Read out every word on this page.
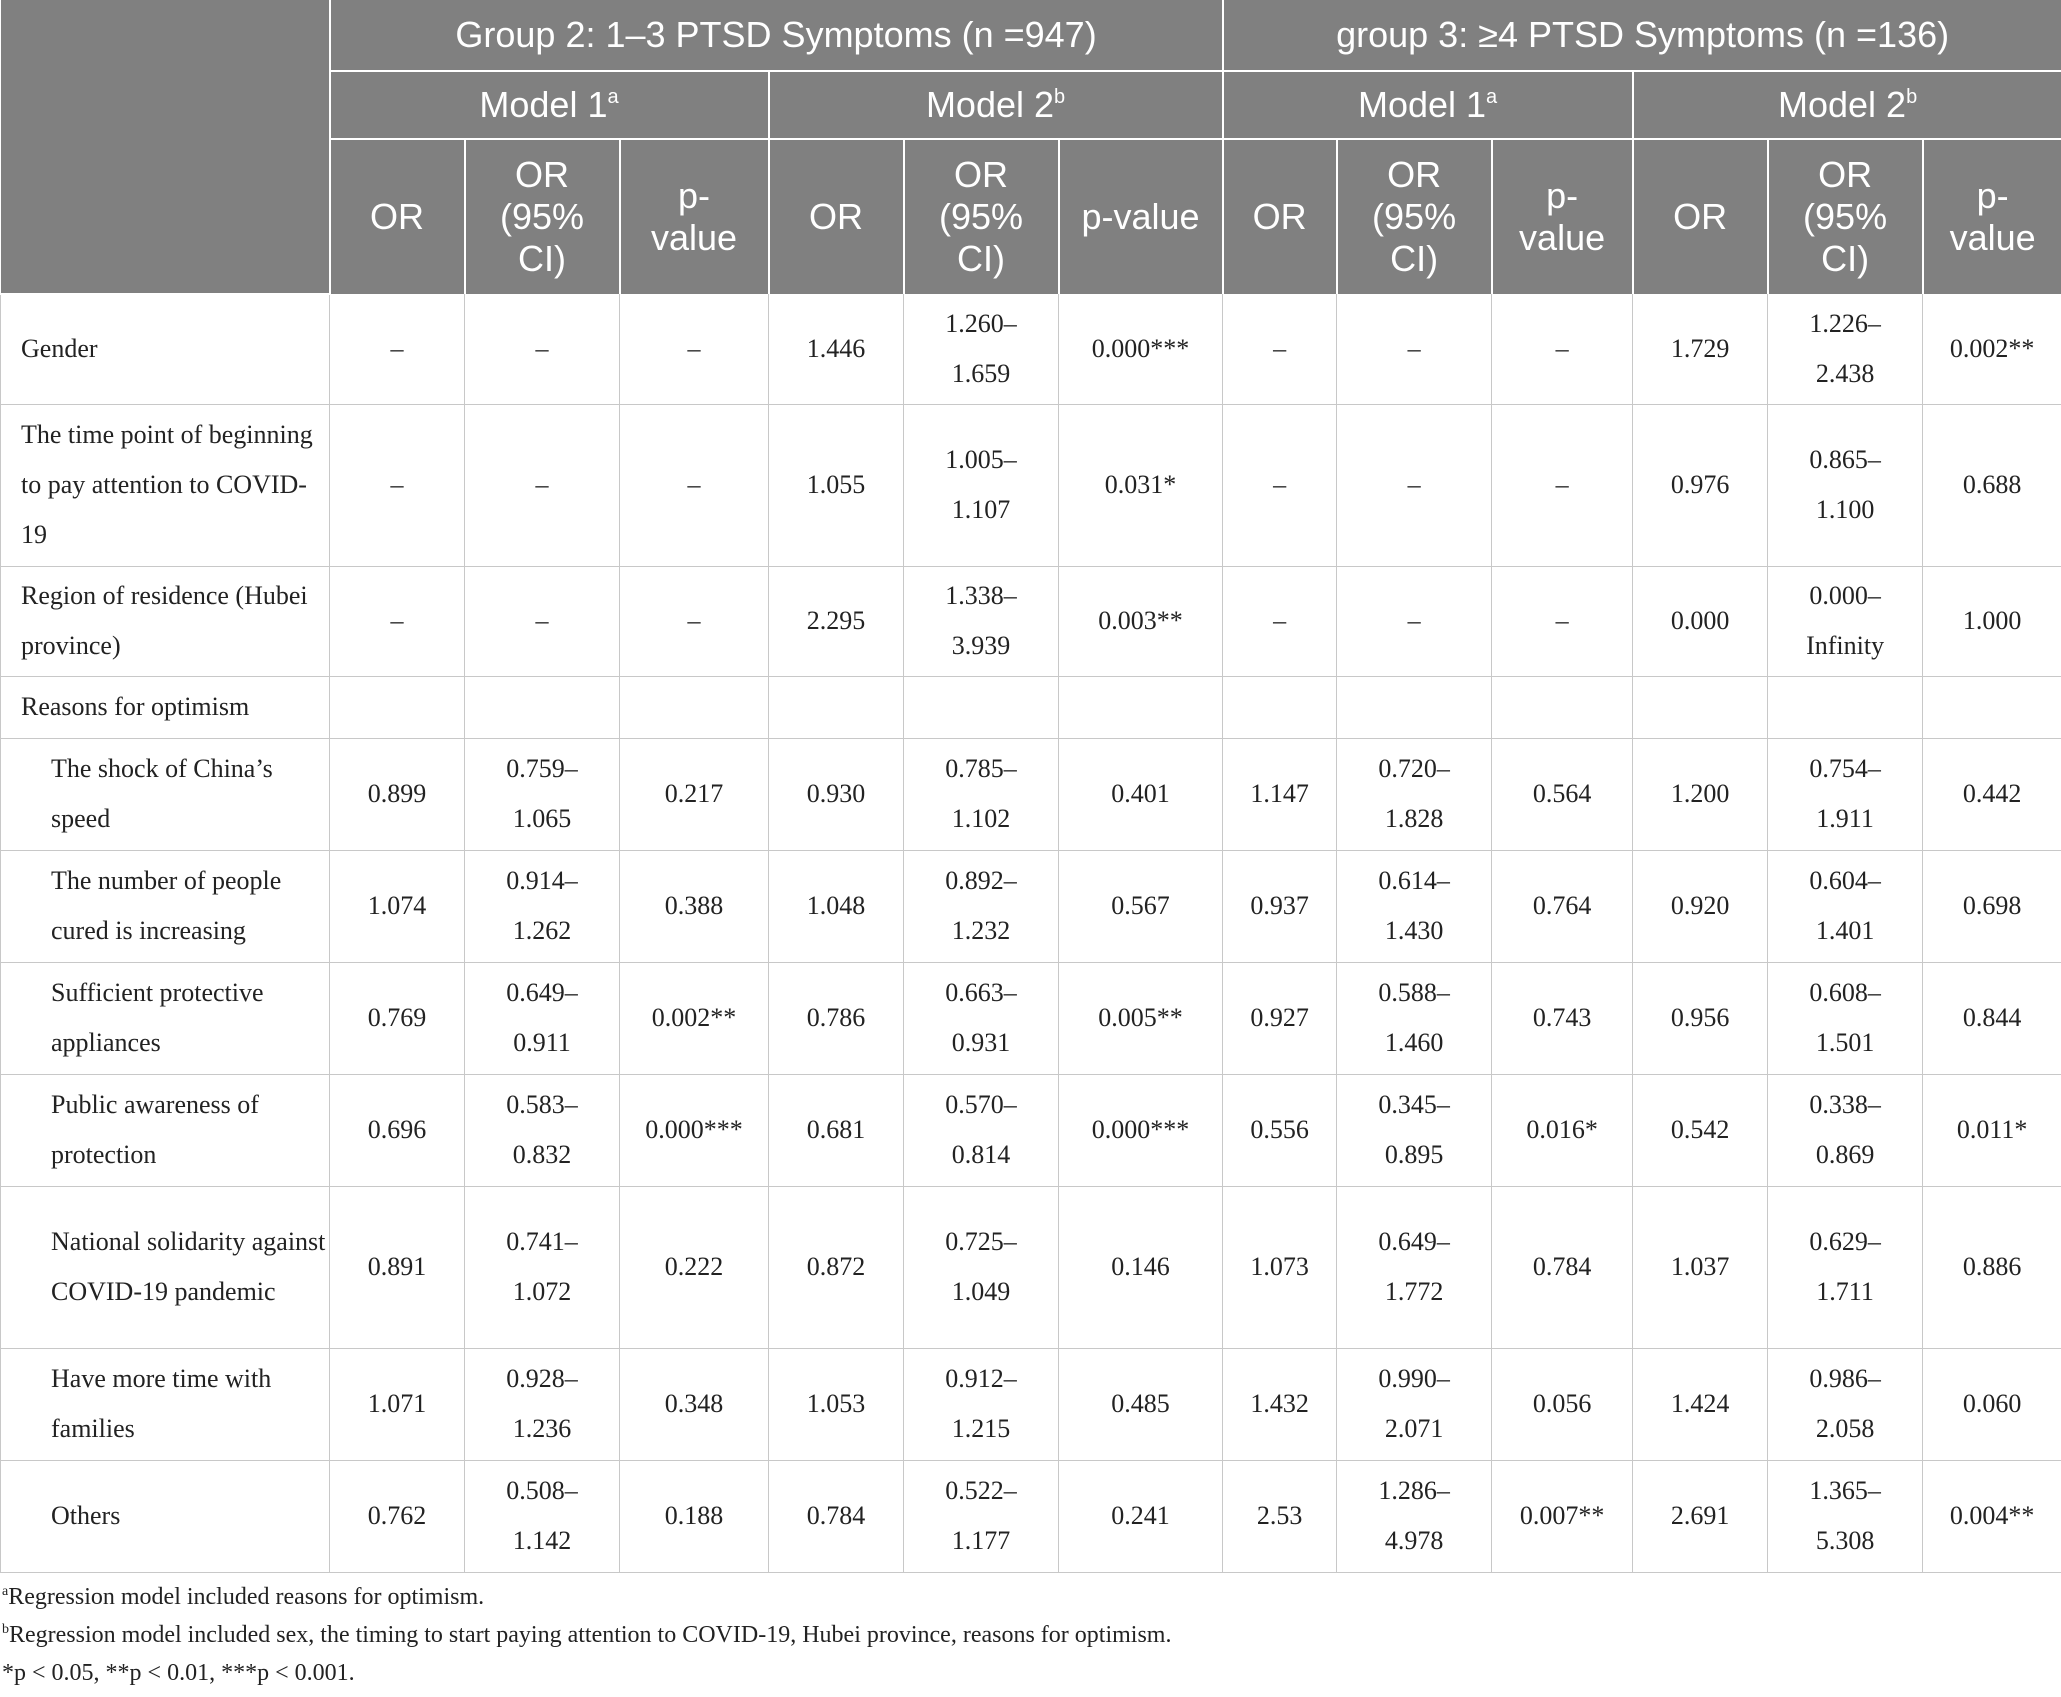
	Group 2: 1–3 PTSD Symptoms (n =947)						group 3: ≥4 PTSD Symptoms (n =136)					
	Model 1$^a$			Model 2$^b$			Model 1$^a$			Model 2$^b$
	OR	OR (95% CI)	p-value	OR	OR (95% CI)	p-value	OR	OR (95% CI)	p-value	OR	OR (95% CI)	p-value
Gender	–	–	–	1.446	1.260–1.659	0.000***	–	–	–	1.729	1.226–2.438	0.002**
The time point of beginning to pay attention to COVID-19	–	–	–	1.055	1.005–1.107	0.031*	–	–	–	0.976	0.865–1.100	0.688
Region of residence (Hubei province)	–	–	–	2.295	1.338–3.939	0.003**	–	–	–	0.000	0.000–Infinity	1.000
Reasons for optimism												
The shock of China’s speed	0.899	0.759–1.065	0.217	0.930	0.785–1.102	0.401	1.147	0.720–1.828	0.564	1.200	0.754–1.911	0.442
The number of people cured is increasing	1.074	0.914–1.262	0.388	1.048	0.892–1.232	0.567	0.937	0.614–1.430	0.764	0.920	0.604–1.401	0.698
Sufficient protective appliances	0.769	0.649–0.911	0.002**	0.786	0.663–0.931	0.005**	0.927	0.588–1.460	0.743	0.956	0.608–1.501	0.844
Public awareness of protection	0.696	0.583–0.832	0.000***	0.681	0.570–0.814	0.000***	0.556	0.345–0.895	0.016*	0.542	0.338–0.869	0.011*
National solidarity against COVID-19 pandemic	0.891	0.741–1.072	0.222	0.872	0.725–1.049	0.146	1.073	0.649–1.772	0.784	1.037	0.629–1.711	0.886
Have more time with families	1.071	0.928–1.236	0.348	1.053	0.912–1.215	0.485	1.432	0.990–2.071	0.056	1.424	0.986–2.058	0.060
Others	0.762	0.508–1.142	0.188	0.784	0.522–1.177	0.241	2.53	1.286–4.978	0.007**	2.691	1.365–5.308	0.004**

$^a$Regression model included reasons for optimism.

$^b$Regression model included sex, the timing to start paying attention to COVID-19, Hubei province, reasons for optimism.

*p < 0.05, **p < 0.01, ***p < 0.001.
